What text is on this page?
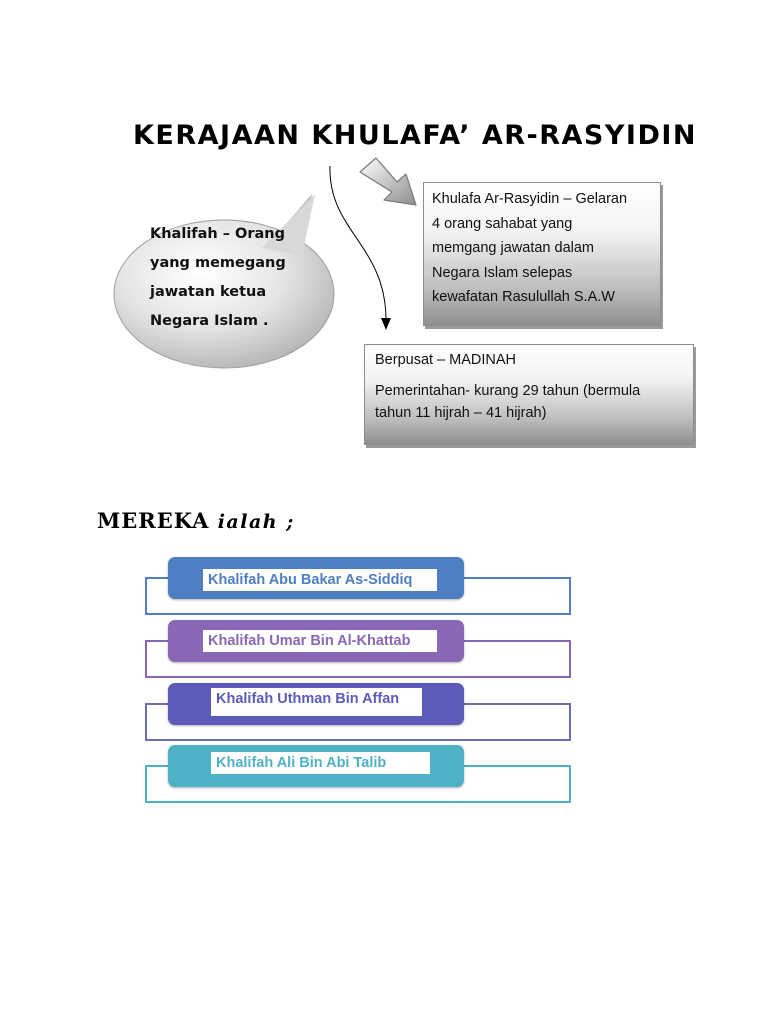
KERAJAAN KHULAFA’ AR-RASYIDIN
Khalifah – Orang
yang memegang
jawatan ketua
Negara Islam .
Khulafa Ar-Rasyidin – Gelaran
4 orang sahabat yang
memgang jawatan dalam
Negara Islam selepas
kewafatan Rasulullah S.A.W
Berpusat – MADINAH
Pemerintahan- kurang 29 tahun (bermula
tahun 11 hijrah – 41 hijrah)
MEREKA ialah ;
Khalifah Abu Bakar As-Siddiq
Khalifah Umar Bin Al-Khattab
Khalifah Uthman Bin Affan
Khalifah Ali Bin Abi Talib
